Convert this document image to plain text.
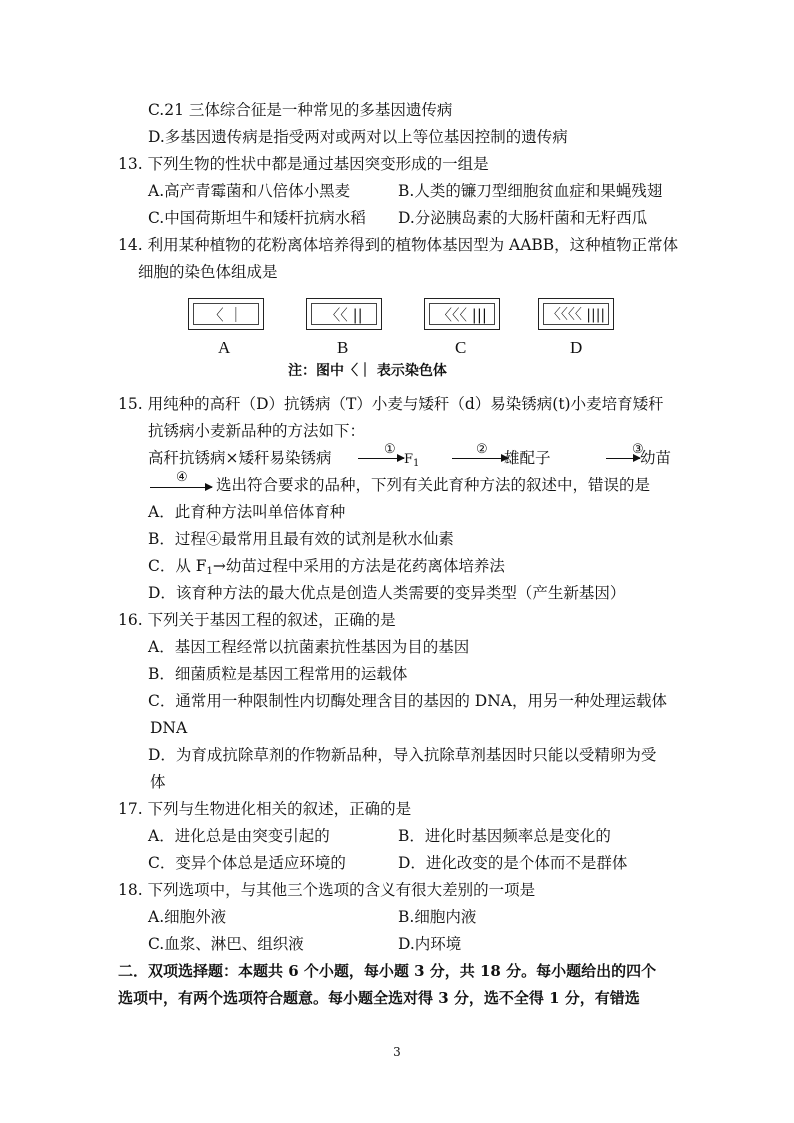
C.21 三体综合征是一种常见的多基因遗传病
D.多基因遗传病是指受两对或两对以上等位基因控制的遗传病
13. 下列生物的性状中都是通过基因突变形成的一组是
A.高产青霉菌和八倍体小黑麦	B.人类的镰刀型细胞贫血症和果蝇残翅
C.中国荷斯坦牛和矮杆抗病水稻 D.分泌胰岛素的大肠杆菌和无籽西瓜
14. 利用某种植物的花粉离体培养得到的植物体基因型为 AABB，这种植物正常体
细胞的染色体组成是
〈 ｜	〈〈 ||	〈〈〈 |||	〈〈〈〈 ||||
A	B	C	D
注：图中〈｜ 表示染色体
15. 用纯种的高秆（D）抗锈病（T）小麦与矮秆（d）易染锈病(t)小麦培育矮秆
抗锈病小麦新品种的方法如下：
高秆抗锈病×矮秆易染锈病	①
$F_1$
② 雄配子	③
幼苗
④ 选出符合要求的品种，下列有关此育种方法的叙述中，错误的是
A．此育种方法叫单倍体育种
B．过程④最常用且最有效的试剂是秋水仙素
C．从 F1→幼苗过程中采用的方法是花药离体培养法
D．该育种方法的最大优点是创造人类需要的变异类型（产生新基因）
16. 下列关于基因工程的叙述，正确的是
A．基因工程经常以抗菌素抗性基因为目的基因
B．细菌质粒是基因工程常用的运载体
C．通常用一种限制性内切酶处理含目的基因的 DNA，用另一种处理运载体
DNA
D．为育成抗除草剂的作物新品种，导入抗除草剂基因时只能以受精卵为受
体
17. 下列与生物进化相关的叙述，正确的是
A．进化总是由突变引起的	B．进化时基因频率总是变化的
C．变异个体总是适应环境的	D．进化改变的是个体而不是群体
18. 下列选项中，与其他三个选项的含义有很大差别的一项是
A.细胞外液	B.细胞内液
C.血浆、淋巴、组织液	D.内环境
二．双项选择题：本题共 6 个小题，每小题 3 分，共 18 分。每小题给出的四个
选项中，有两个选项符合题意。每小题全选对得 3 分，选不全得 1 分，有错选
3
